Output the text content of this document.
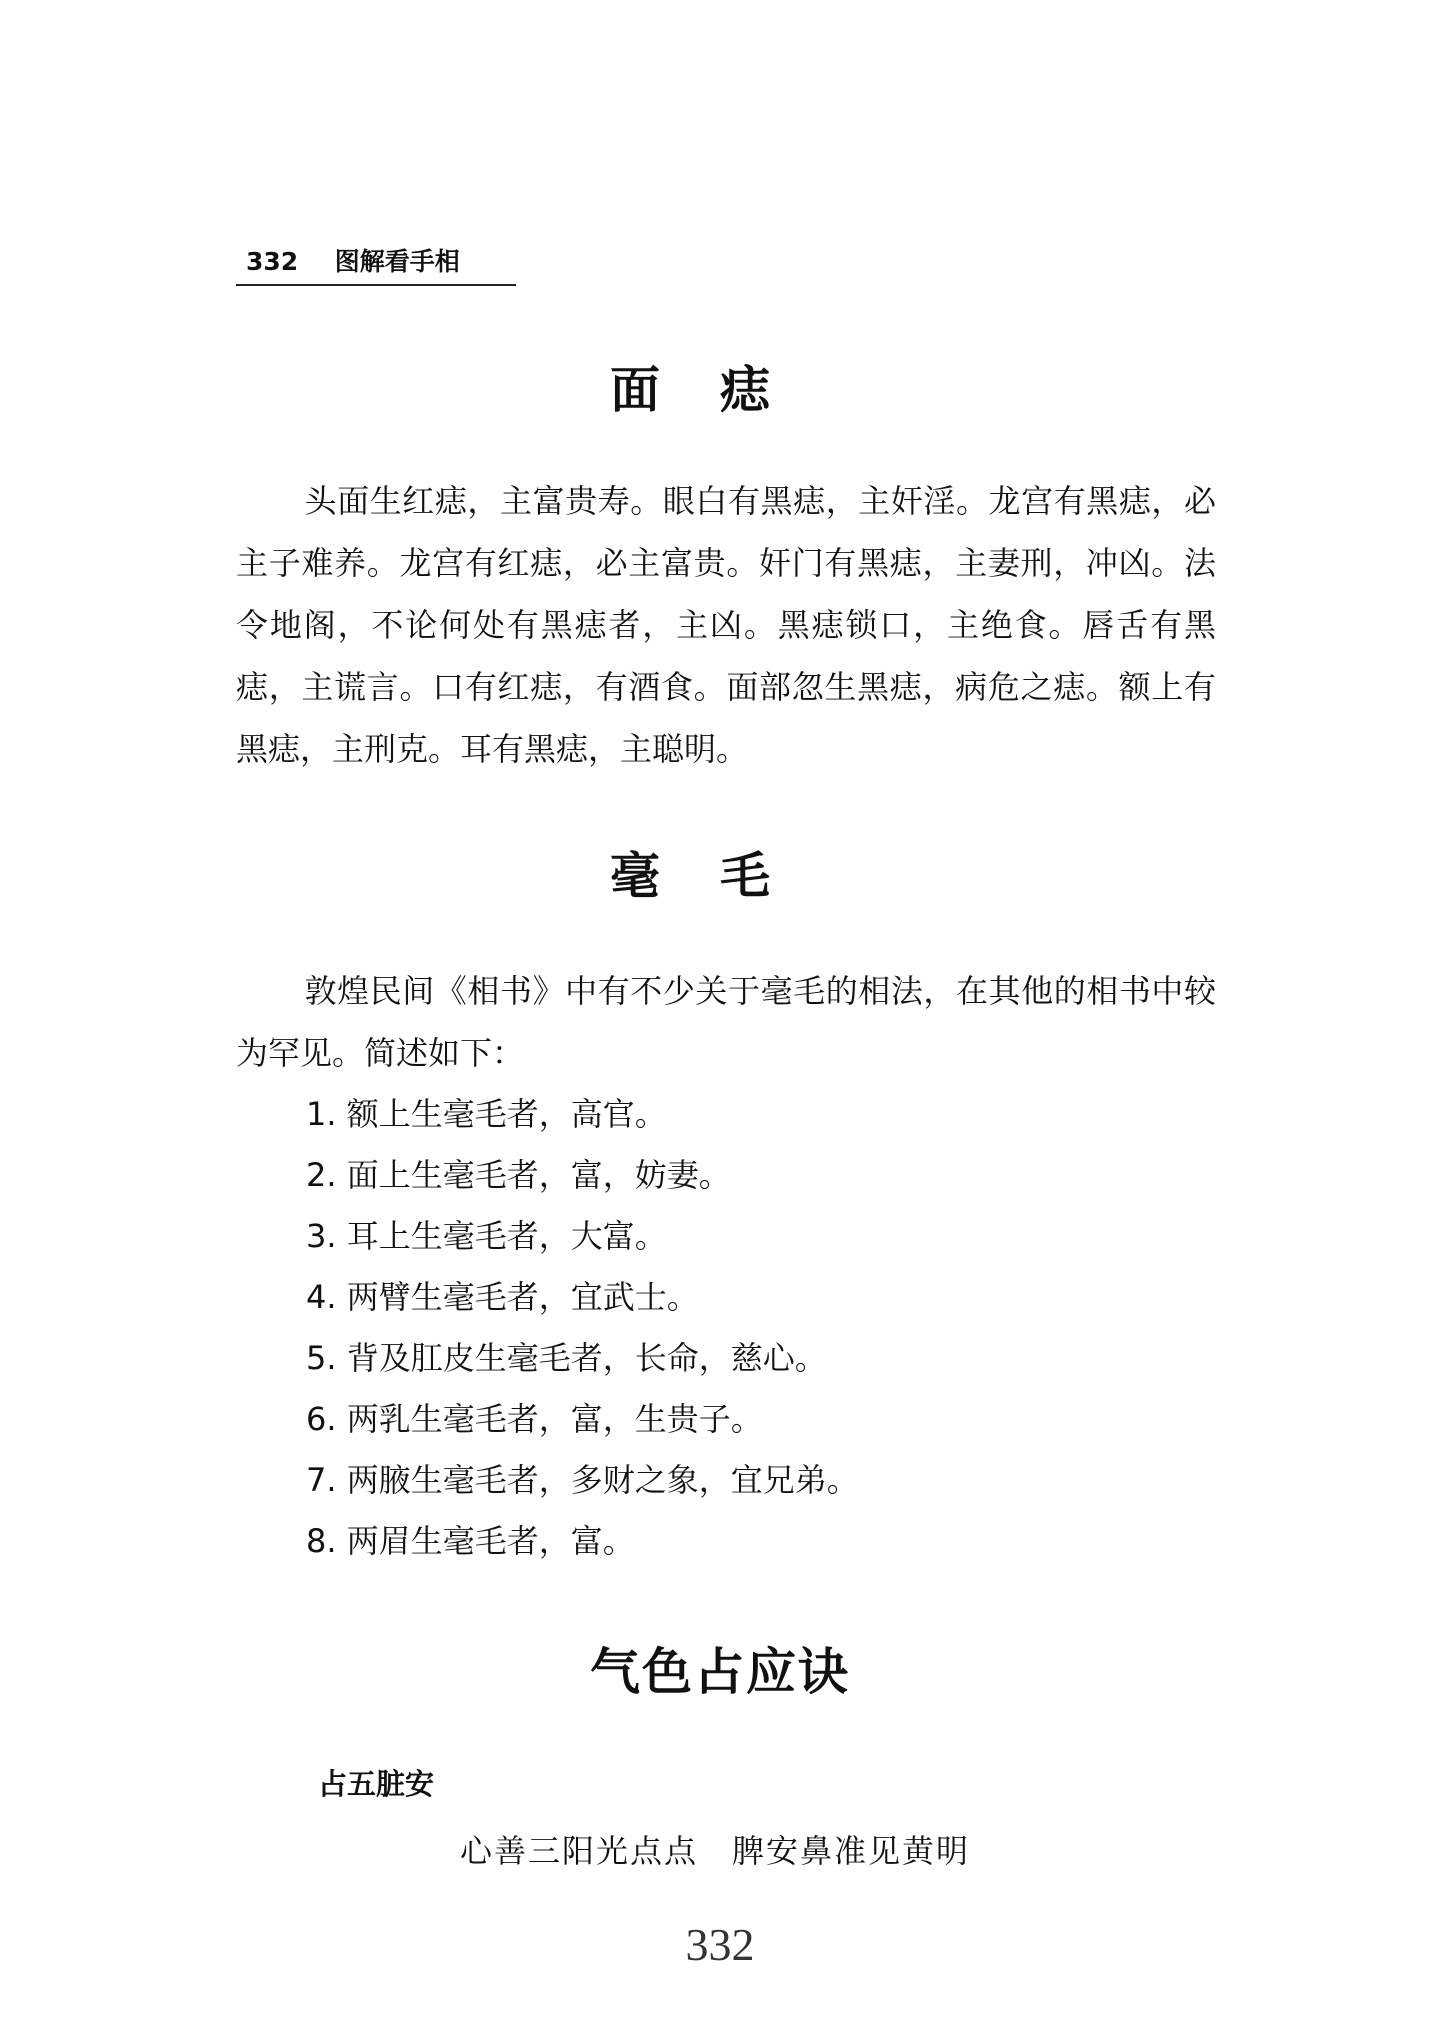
332 图解看手相
面痣
头面生红痣，主富贵寿。眼白有黑痣，主奸淫。龙宫有黑痣，必主子难养。龙宫有红痣，必主富贵。奸门有黑痣，主妻刑，冲凶。法令地阁，不论何处有黑痣者，主凶。黑痣锁口，主绝食。唇舌有黑痣，主谎言。口有红痣，有酒食。面部忽生黑痣，病危之痣。额上有黑痣，主刑克。耳有黑痣，主聪明。
毫毛
敦煌民间《相书》中有不少关于毫毛的相法，在其他的相书中较为罕见。简述如下：
1. 额上生毫毛者，高官。
2. 面上生毫毛者，富，妨妻。
3. 耳上生毫毛者，大富。
4. 两臂生毫毛者，宜武士。
5. 背及肛皮生毫毛者，长命，慈心。
6. 两乳生毫毛者，富，生贵子。
7. 两腋生毫毛者，多财之象，宜兄弟。
8. 两眉生毫毛者，富。
气色占应诀
占五脏安
心善三阳光点点　脾安鼻准见黄明
332
